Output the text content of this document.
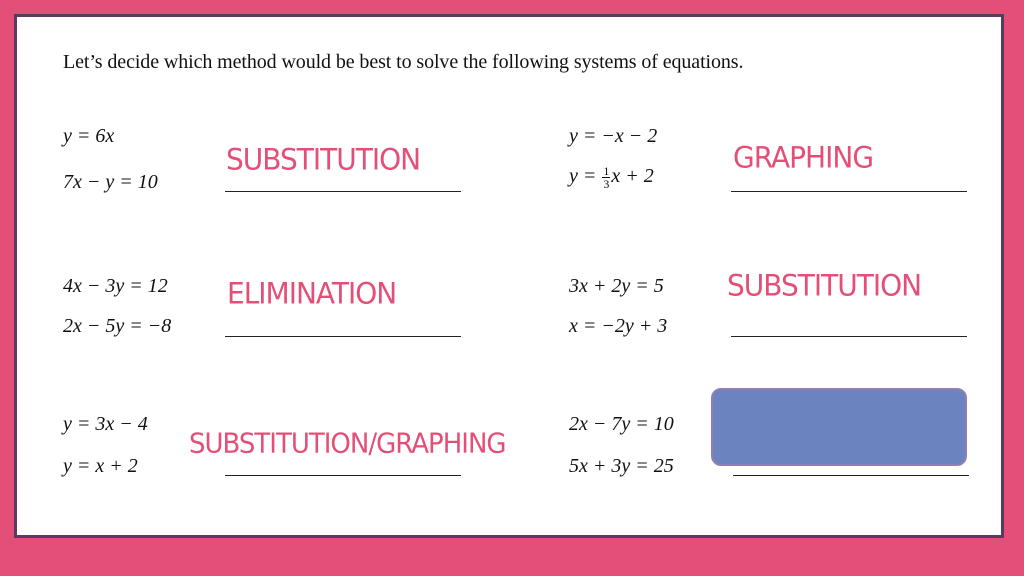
Let’s decide which method would be best to solve the following systems of equations.
y = 6x
7x − y = 10
SUBSTITUTION
y = −x − 2
$y = \frac{1}{3}$ x + 2
GRAPHING
4x − 3y = 12
2x − 5y = −8
ELIMINATION	3x + 2y = 5
x = −2y + 3
SUBSTITUTION
y = 3x − 4
y = x + 2
SUBSTITUTION/GRAPHING
2x − 7y = 10
5x + 3y = 25
